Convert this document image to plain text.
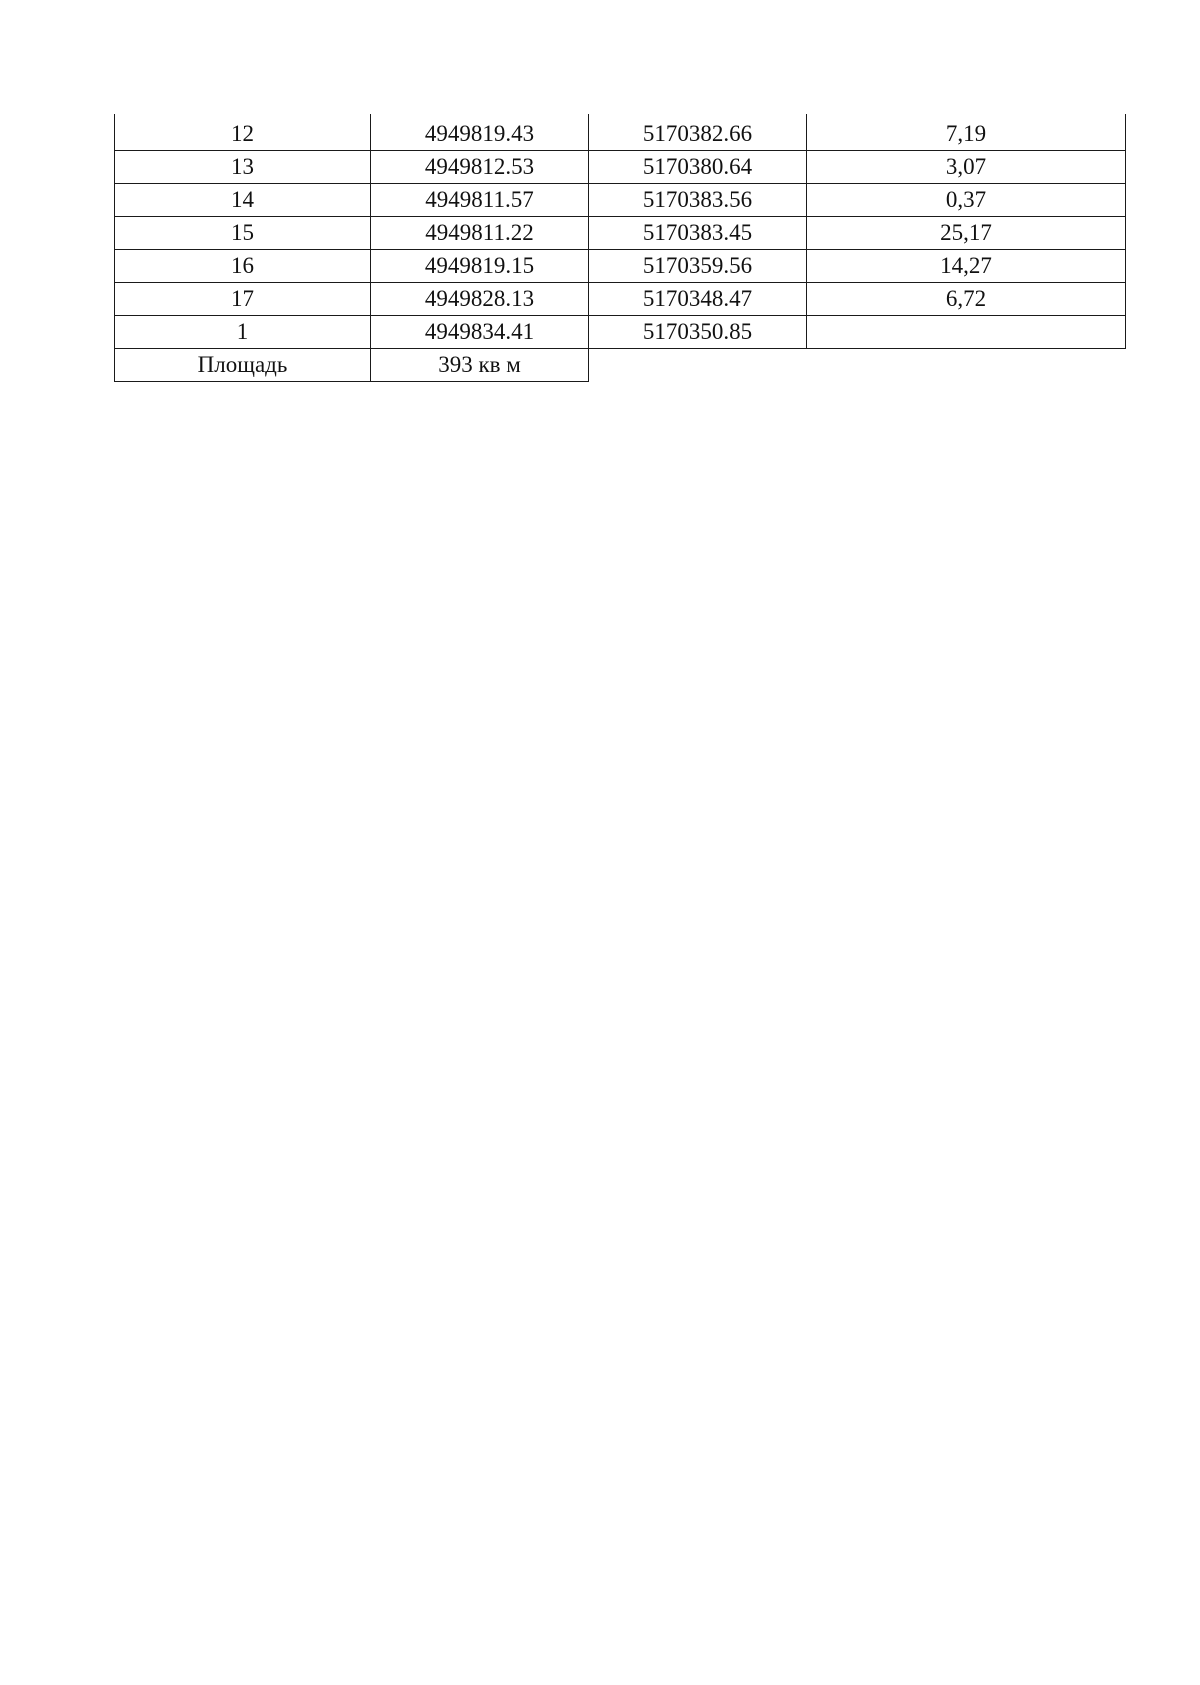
12	4949819.43	5170382.66	7,19
13	4949812.53	5170380.64	3,07
14	4949811.57	5170383.56	0,37
15	4949811.22	5170383.45	25,17
16	4949819.15	5170359.56	14,27
17	4949828.13	5170348.47	6,72
1	4949834.41	5170350.85	
Площадь	393 кв м		
